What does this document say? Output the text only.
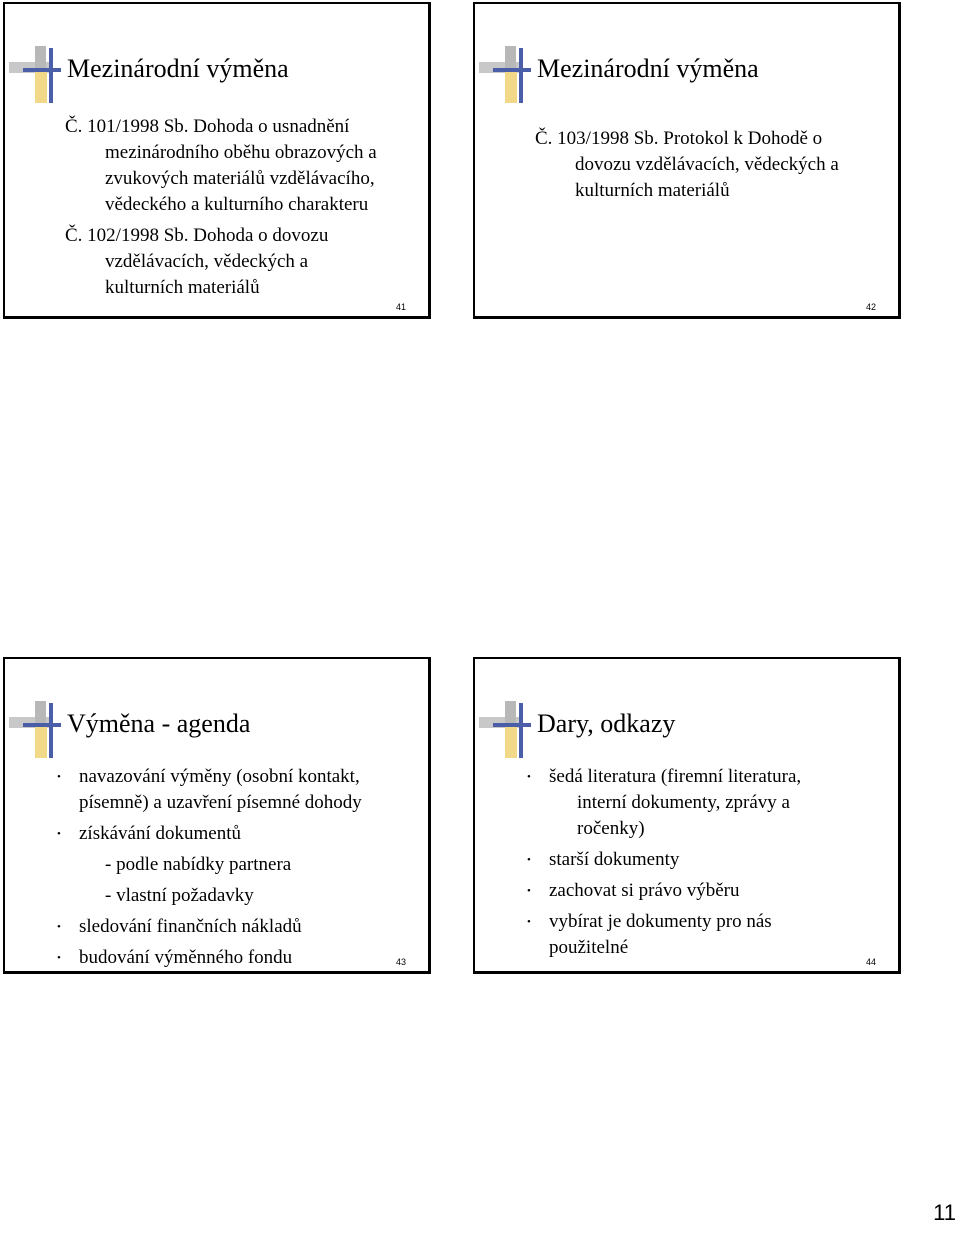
Mezinárodní výměna
Č. 101/1998 Sb. Dohoda o usnadnění
mezinárodního oběhu obrazových a
zvukových materiálů vzdělávacího,
vědeckého a kulturního charakteru
Č. 102/1998 Sb. Dohoda o dovozu
vzdělávacích, vědeckých a
kulturních materiálů
41
Mezinárodní výměna
Č. 103/1998 Sb. Protokol k Dohodě o
dovozu vzdělávacích, vědeckých a
kulturních materiálů
42
Výměna - agenda
• navazování výměny (osobní kontakt,
písemně) a uzavření písemné dohody
• získávání dokumentů
- podle nabídky partnera
- vlastní požadavky
• sledování finančních nákladů
• budování výměnného fondu	43
Dary, odkazy
• šedá literatura (firemní literatura,
interní dokumenty, zprávy a
ročenky)
• starší dokumenty
• zachovat si právo výběru
• vybírat je dokumenty pro nás
použitelné
44
11
